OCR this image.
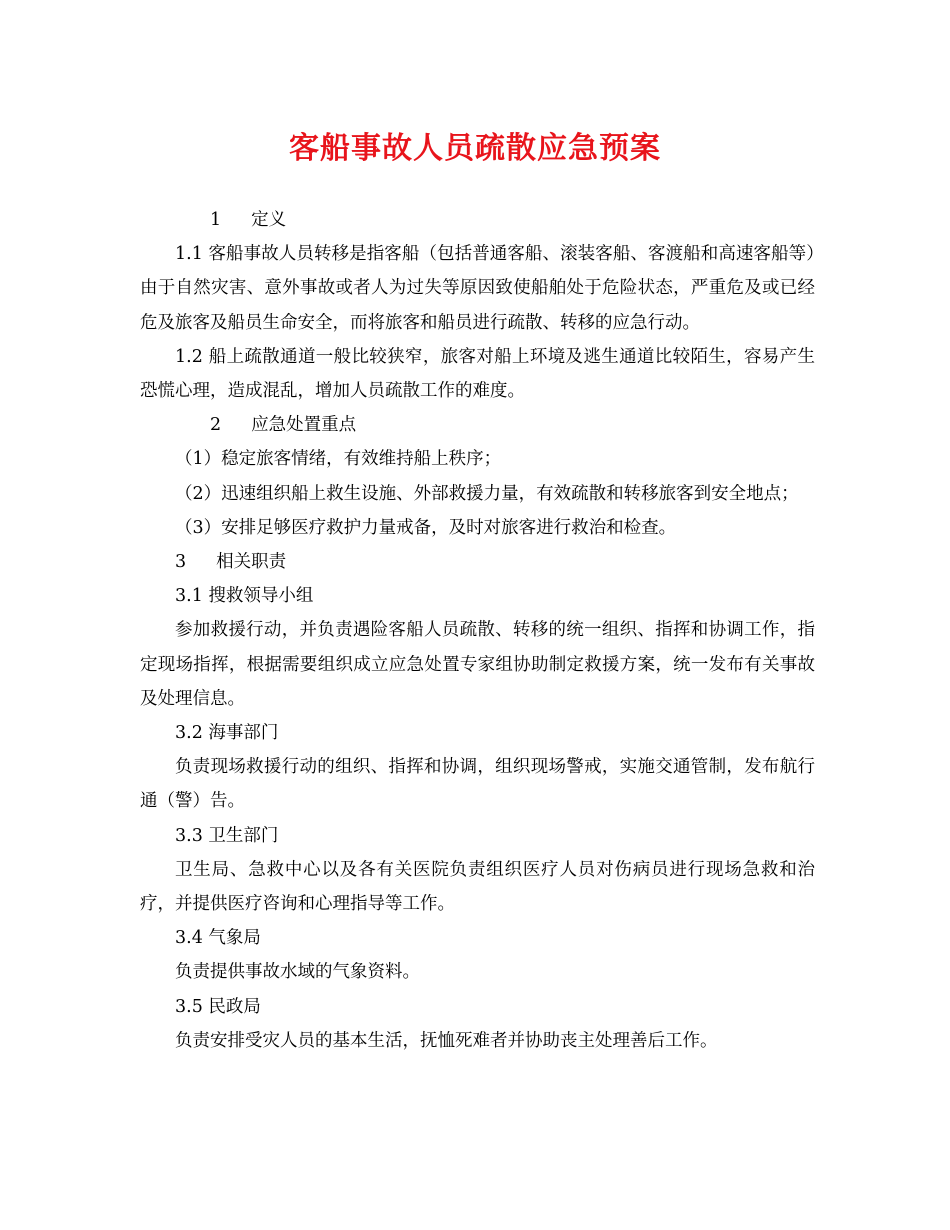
客船事故人员疏散应急预案

1 定义

1.1 客船事故人员转移是指客船（包括普通客船、滚装客船、客渡船和高速客船等）由于自然灾害、意外事故或者人为过失等原因致使船舶处于危险状态，严重危及或已经危及旅客及船员生命安全，而将旅客和船员进行疏散、转移的应急行动。

1.2 船上疏散通道一般比较狭窄，旅客对船上环境及逃生通道比较陌生，容易产生恐慌心理，造成混乱，增加人员疏散工作的难度。

2 应急处置重点

（1）稳定旅客情绪，有效维持船上秩序；

（2）迅速组织船上救生设施、外部救援力量，有效疏散和转移旅客到安全地点；

（3）安排足够医疗救护力量戒备，及时对旅客进行救治和检查。

3 相关职责

3.1 搜救领导小组

参加救援行动，并负责遇险客船人员疏散、转移的统一组织、指挥和协调工作，指定现场指挥，根据需要组织成立应急处置专家组协助制定救援方案，统一发布有关事故及处理信息。

3.2 海事部门

负责现场救援行动的组织、指挥和协调，组织现场警戒，实施交通管制，发布航行通（警）告。

3.3 卫生部门

卫生局、急救中心以及各有关医院负责组织医疗人员对伤病员进行现场急救和治疗，并提供医疗咨询和心理指导等工作。

3.4 气象局

负责提供事故水域的气象资料。

3.5 民政局

负责安排受灾人员的基本生活，抚恤死难者并协助丧主处理善后工作。
